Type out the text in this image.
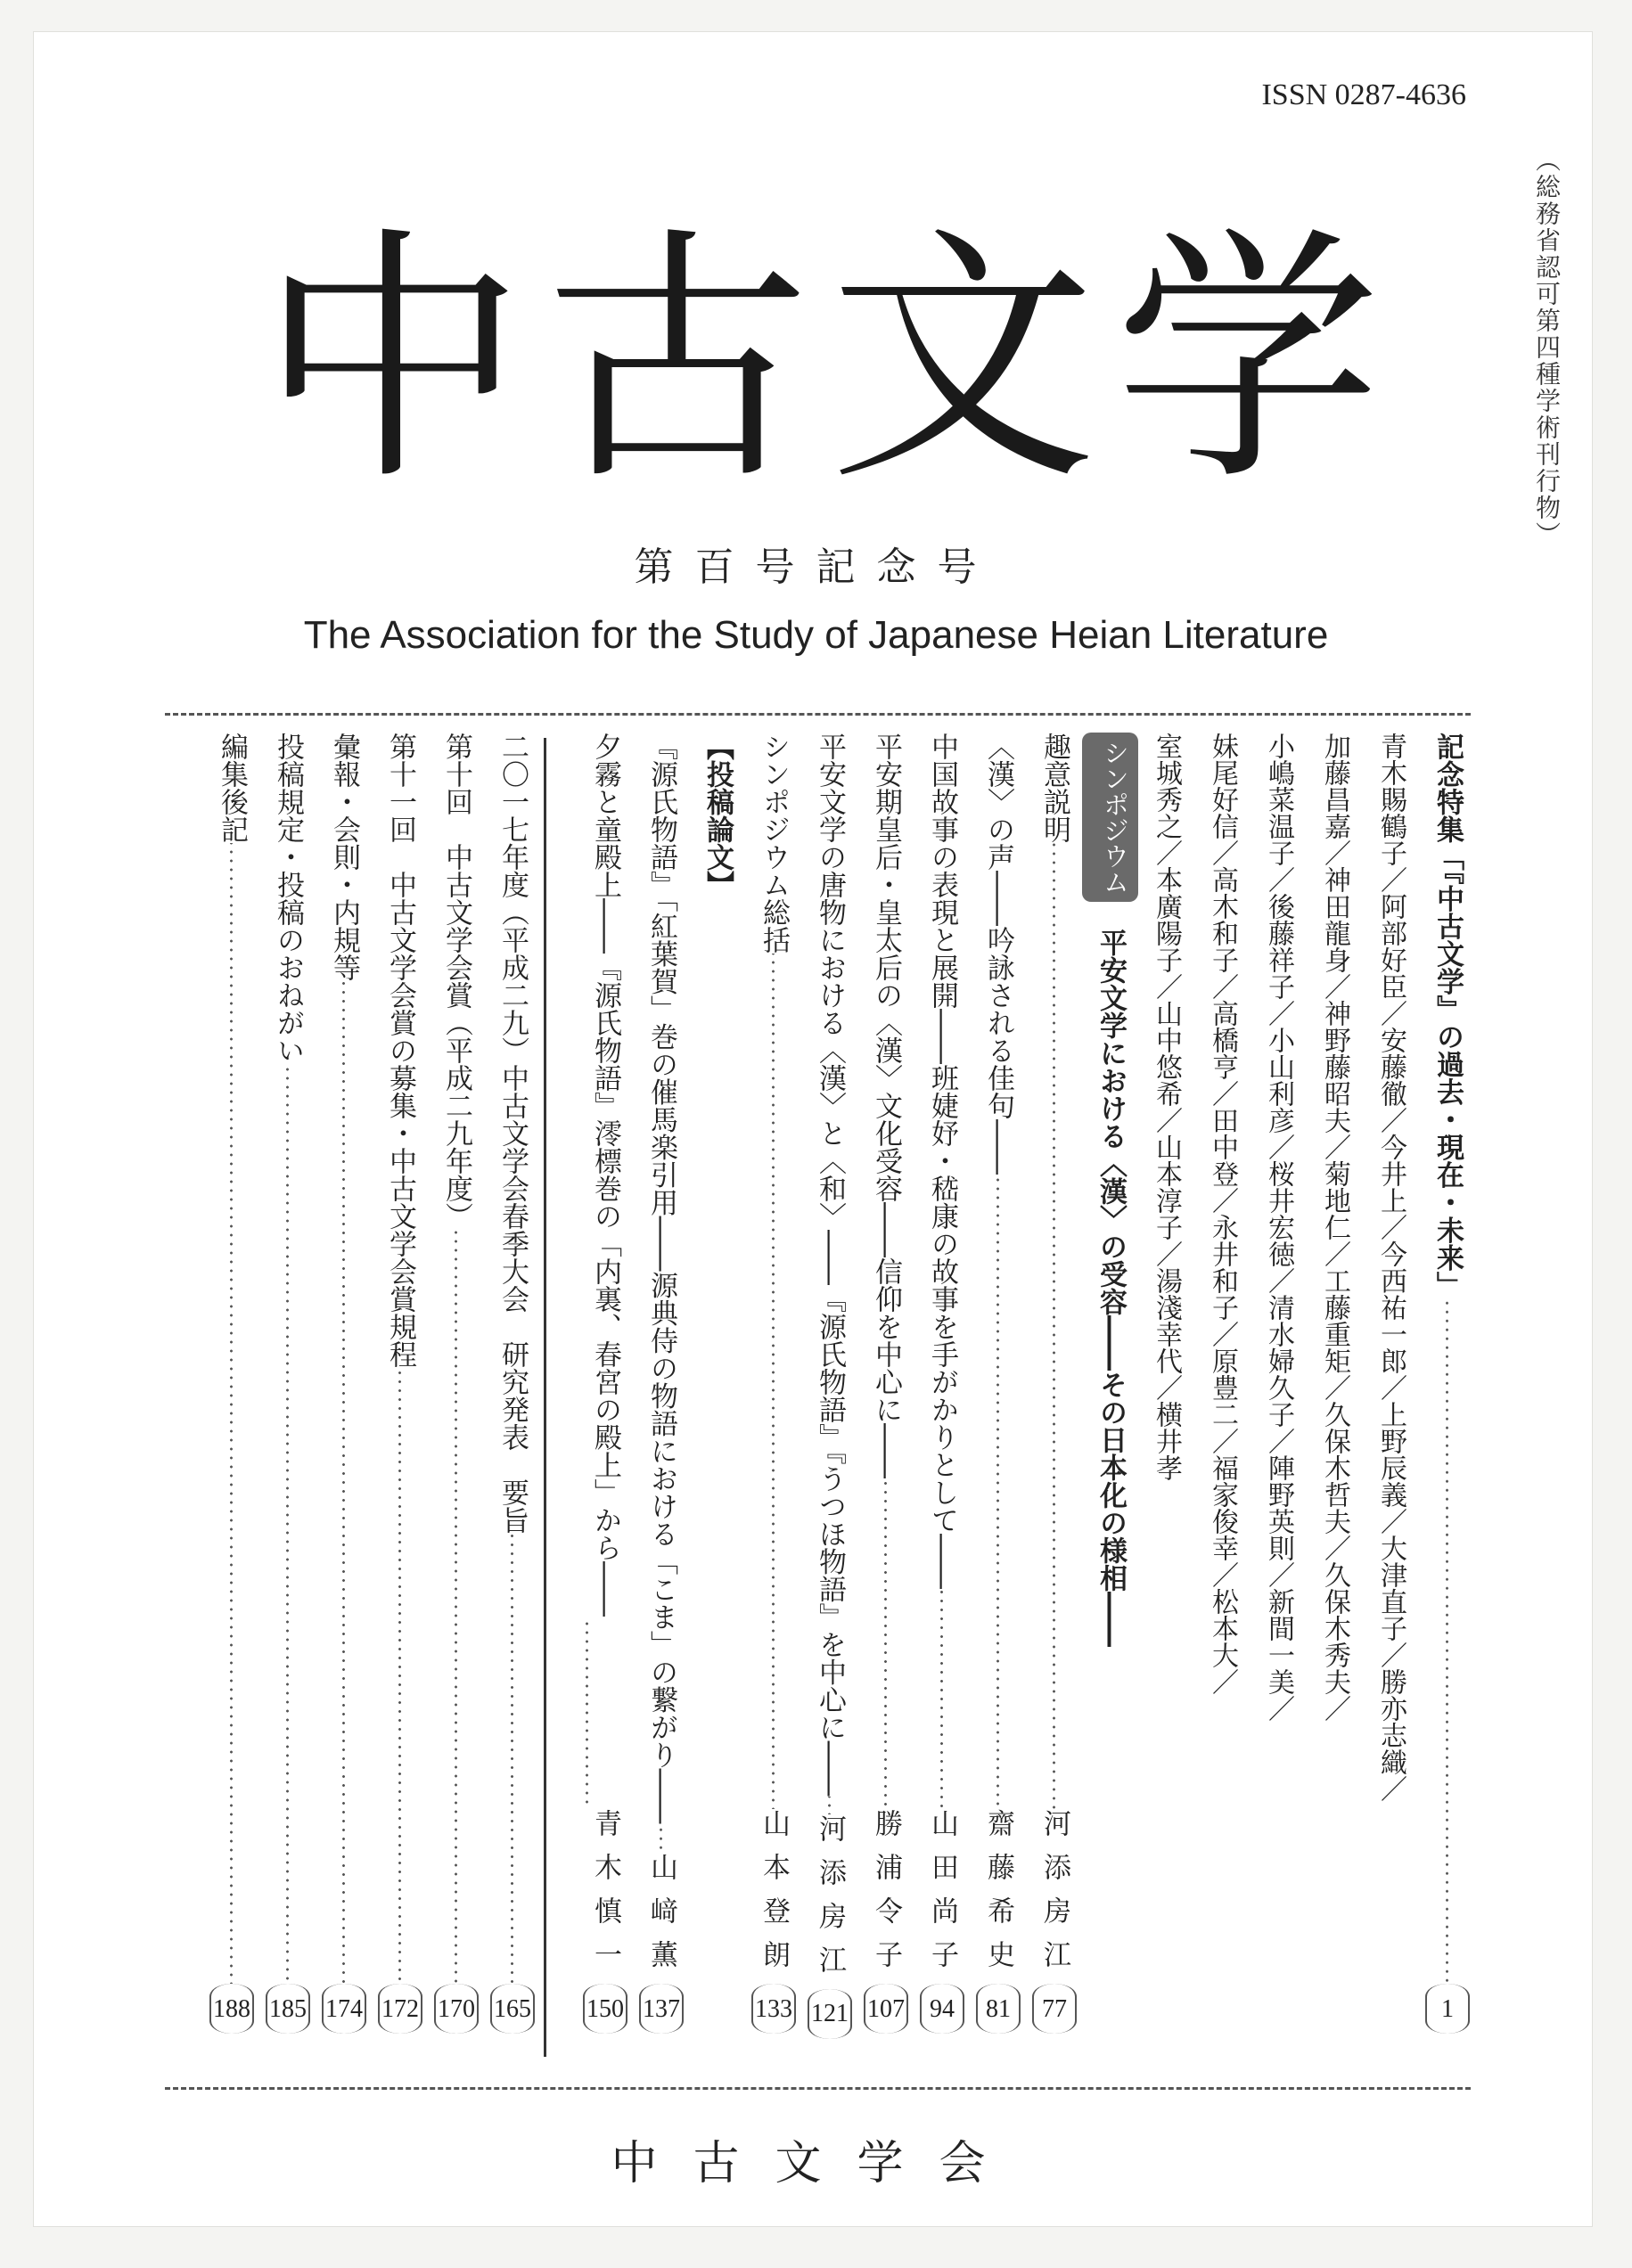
ISSN 0287-4636
（総務省認可第四種学術刊行物）
中 古 文 学
第百号記念号
The Association for the Study of Japanese Heian Literature
記念特集「『中古文学』の過去・現在・未来」
1
青木賜鶴子／阿部好臣／安藤徹／今井上／今西祐一郎／上野辰義／大津直子／勝亦志織／
加藤昌嘉／神田龍身／神野藤昭夫／菊地仁／工藤重矩／久保木哲夫／久保木秀夫／
小嶋菜温子／後藤祥子／小山利彦／桜井宏徳／清水婦久子／陣野英則／新間一美／
妹尾好信／高木和子／高橋亨／田中登／永井和子／原豊二／福家俊幸／松本大／
室城秀之／本廣陽子／山中悠希／山本淳子／湯淺幸代／横井孝
シンポジウム
平安文学における〈漢〉の受容――その日本化の様相――
趣意説明
河添房江
77
〈漢〉の声――吟詠される佳句――
齋藤希史
81
中国故事の表現と展開――班婕妤・嵇康の故事を手がかりとして――
山田尚子
94
平安期皇后・皇太后の〈漢〉文化受容――信仰を中心に――
勝浦令子
107
平安文学の唐物における〈漢〉と〈和〉――『源氏物語』『うつほ物語』を中心に――
河添房江
121
シンポジウム総括
山本登朗
133
【投稿論文】
『源氏物語』「紅葉賀」巻の催馬楽引用――源典侍の物語における「こま」の繋がり――
山﨑薫
137
夕霧と童殿上――『源氏物語』澪標巻の「内裏、春宮の殿上」から――
青木慎一
150
二〇一七年度（平成二九）中古文学会春季大会　研究発表　要旨
165
第十回　中古文学会賞（平成二九年度）
170
第十一回　中古文学会賞の募集・中古文学会賞規程
172
彙報・会則・内規等
174
投稿規定・投稿のおねがい
185
編集後記
188
中古文学会
